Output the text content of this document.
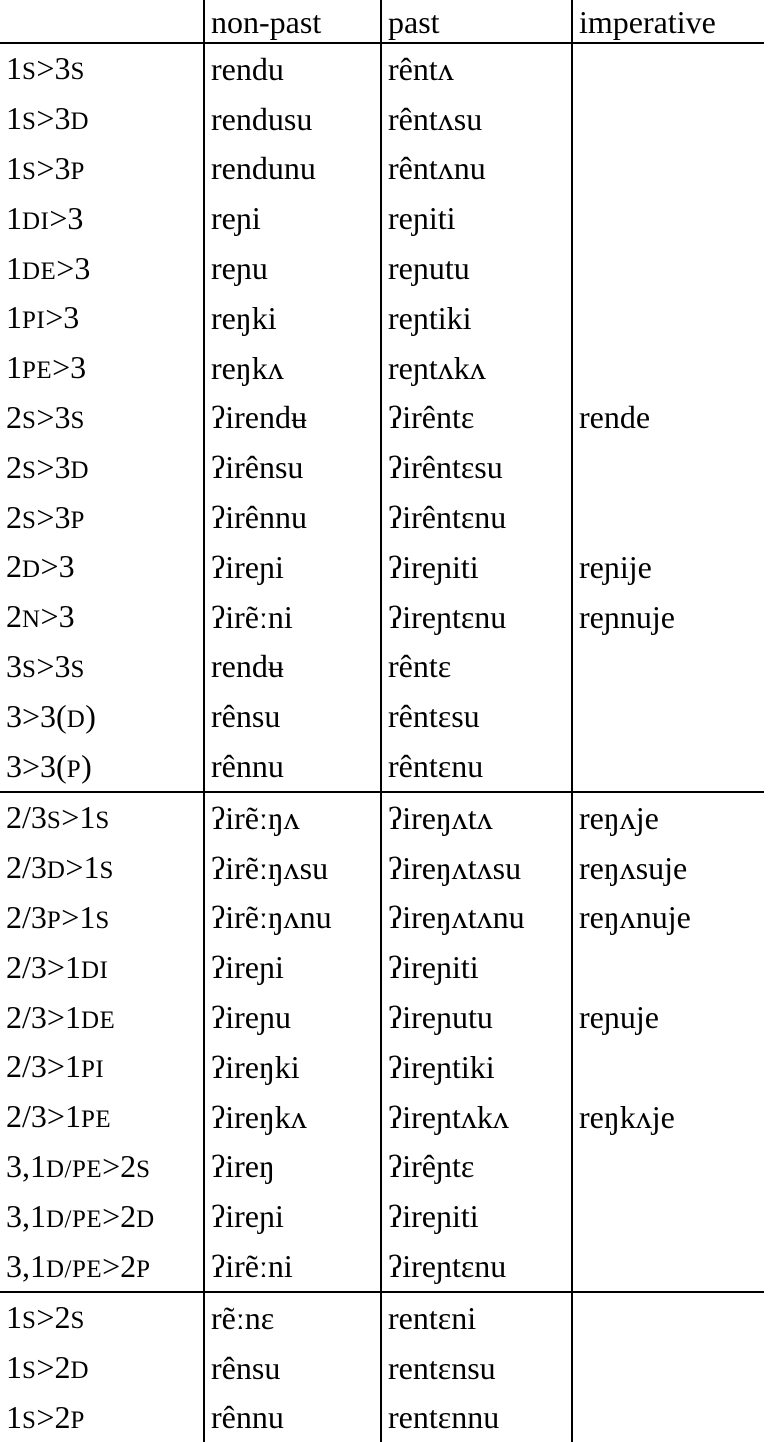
	non-past	past	imperative
1S>3S	rendu	rêntʌ	
1S>3D	rendusu	rêntʌsu	
1S>3P	rendunu	rêntʌnu	
1DI>3	reɲi	reɲiti	
1DE>3	reɲu	reɲutu	
1PI>3	reŋki	reɲtiki	
1PE>3	reŋkʌ	reɲtʌkʌ	
2S>3S	ʔirendʉ	ʔirêntɛ	rende
2S>3D	ʔirênsu	ʔirêntɛsu	
2S>3P	ʔirênnu	ʔirêntɛnu	
2D>3	ʔireɲi	ʔireɲiti	reɲije
2N>3	ʔirẽːni	ʔireɲtɛnu	reɲnuje
3S>3S	rendʉ	rêntɛ	
3>3(D)	rênsu	rêntɛsu	
3>3(P)	rênnu	rêntɛnu	
2/3S>1S	ʔirẽːŋʌ	ʔireŋʌtʌ	reŋʌje
2/3D>1S	ʔirẽːŋʌsu	ʔireŋʌtʌsu	reŋʌsuje
2/3P>1S	ʔirẽːŋʌnu	ʔireŋʌtʌnu	reŋʌnuje
2/3>1DI	ʔireɲi	ʔireɲiti	
2/3>1DE	ʔireɲu	ʔireɲutu	reɲuje
2/3>1PI	ʔireŋki	ʔireɲtiki	
2/3>1PE	ʔireŋkʌ	ʔireɲtʌkʌ	reŋkʌje
3,1D/PE>2S	ʔireŋ	ʔirêɲtɛ	
3,1D/PE>2D	ʔireɲi	ʔireɲiti	
3,1D/PE>2P	ʔirẽːni	ʔireɲtɛnu	
1S>2S	rẽːnɛ	rentɛni	
1S>2D	rênsu	rentɛnsu	
1S>2P	rênnu	rentɛnnu	
